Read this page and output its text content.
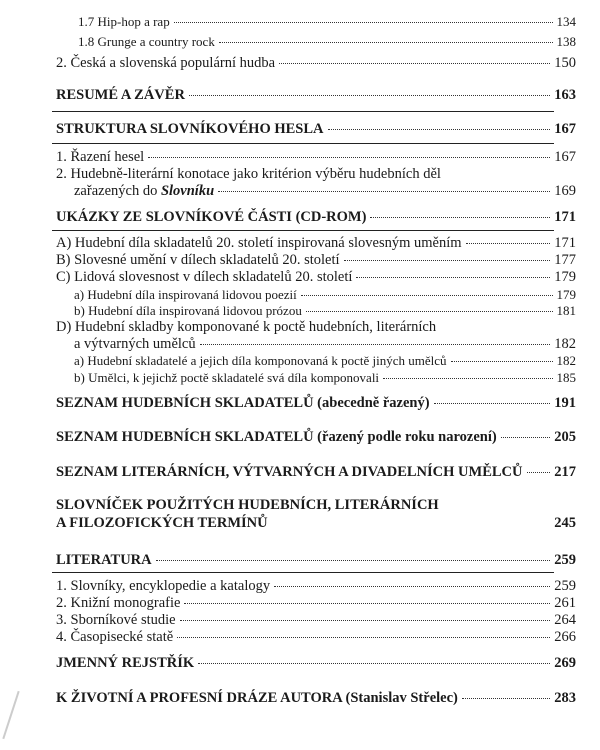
1.7 Hip-hop a rap	134
1.8 Grunge a country rock	138
2. Česká a slovenská populární hudba	150
RESUMÉ A ZÁVĚR	163
STRUKTURA SLOVNÍKOVÉHO HESLA	167
1. Řazení hesel	167
2. Hudebně-literární konotace jako kritérion výběru hudebních děl
zařazených do Slovníku	169
UKÁZKY ZE SLOVNÍKOVÉ ČÁSTI (CD-ROM)	171
A) Hudební díla skladatelů 20. století inspirovaná slovesným uměním	171
B) Slovesné umění v dílech skladatelů 20. století	177
C) Lidová slovesnost v dílech skladatelů 20. století	179
a) Hudební díla inspirovaná lidovou poezií	179
b) Hudební díla inspirovaná lidovou prózou	181
D) Hudební skladby komponované k poctě hudebních, literárních
a výtvarných umělců	182
a) Hudební skladatelé a jejich díla komponovaná k poctě jiných umělců	182
b) Umělci, k jejichž poctě skladatelé svá díla komponovali	185
SEZNAM HUDEBNÍCH SKLADATELŮ (abecedně řazený)	191
SEZNAM HUDEBNÍCH SKLADATELŮ (řazený podle roku narození)	205
SEZNAM LITERÁRNÍCH, VÝTVARNÝCH A DIVADELNÍCH UMĚLCŮ 217
SLOVNÍČEK POUŽITÝCH HUDEBNÍCH, LITERÁRNÍCH
A FILOZOFICKÝCH TERMÍNŮ	245
LITERATURA	259
1. Slovníky, encyklopedie a katalogy	259
2. Knižní monografie	261
3. Sborníkové studie	264
4. Časopisecké statě	266
JMENNÝ REJSTŘÍK	269
K ŽIVOTNÍ A PROFESNÍ DRÁZE AUTORA (Stanislav Střelec)	283
